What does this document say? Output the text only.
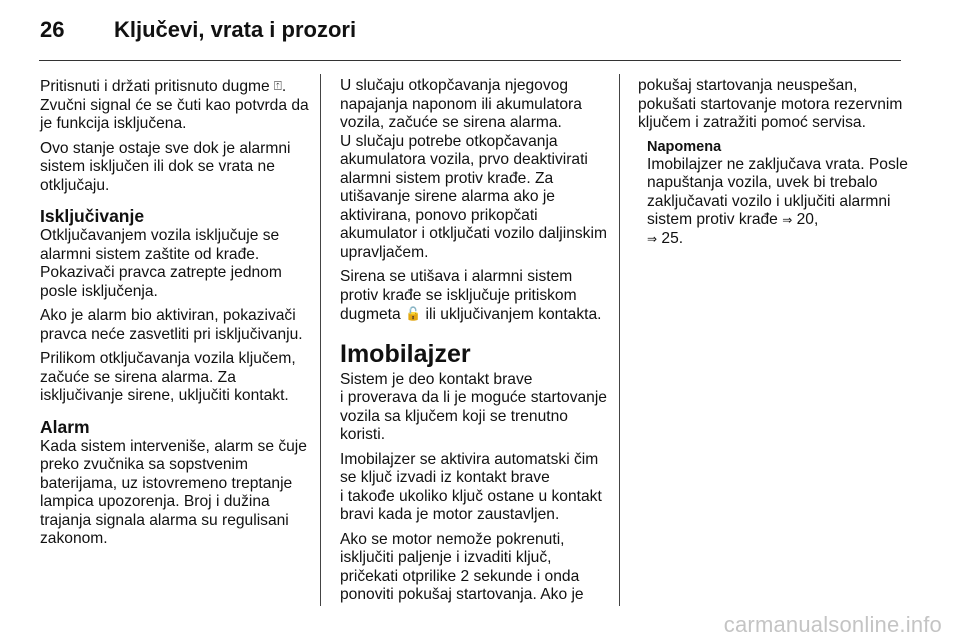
26 Ključevi, vrata i prozori

Pritisnuti i držati pritisnuto dugme ⍐.
Zvučni signal će se čuti kao potvrda da je funkcija isključena.

Ovo stanje ostaje sve dok je alarmni sistem isključen ili dok se vrata ne otključaju.

Isključivanje

Otključavanjem vozila isključuje se alarmni sistem zaštite od krađe. Pokazivači pravca zatrepte jednom posle isključenja.

Ako je alarm bio aktiviran, pokazivači pravca neće zasvetliti pri isključivanju.

Prilikom otključavanja vozila ključem, začuće se sirena alarma. Za isključivanje sirene, uključiti kontakt.

Alarm

Kada sistem interveniše, alarm se čuje preko zvučnika sa sopstvenim baterijama, uz istovremeno treptanje lampica upozorenja. Broj i dužina trajanja signala alarma su regulisani zakonom.

U slučaju otkopčavanja njegovog napajanja naponom ili akumulatora vozila, začuće se sirena alarma.
U slučaju potrebe otkopčavanja akumulatora vozila, prvo deaktivirati alarmni sistem protiv krađe. Za utišavanje sirene alarma ako je aktivirana, ponovo prikopčati akumulator i otključati vozilo daljinskim upravljačem.

Sirena se utišava i alarmni sistem protiv krađe se isključuje pritiskom dugmeta 🔓 ili uključivanjem kontakta.

Imobilajzer

Sistem je deo kontakt brave
i proverava da li je moguće startovanje vozila sa ključem koji se trenutno koristi.

Imobilajzer se aktivira automatski čim se ključ izvadi iz kontakt brave
i takođe ukoliko ključ ostane u kontakt bravi kada je motor zaustavljen.

Ako se motor nemože pokrenuti, isključiti paljenje i izvaditi ključ, pričekati otprilike 2 sekunde i onda ponoviti pokušaj startovanja. Ako je

pokušaj startovanja neuspešan, pokušati startovanje motora rezervnim ključem i zatražiti pomoć servisa.

Napomena
Imobilajzer ne zaključava vrata. Posle napuštanja vozila, uvek bi trebalo zaključavati vozilo i uključiti alarmni sistem protiv krađe ⇒ 20,
⇒ 25.
carmanualsonline.info
